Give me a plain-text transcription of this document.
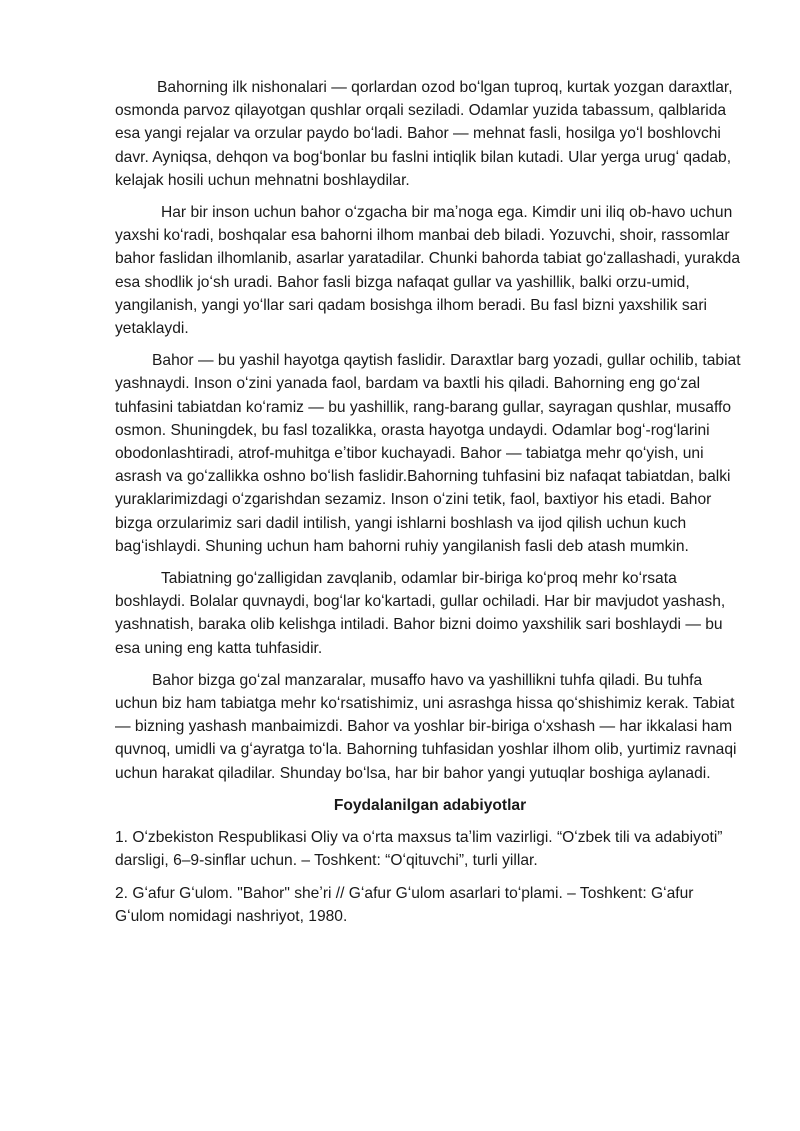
Bahorning ilk nishonalari — qorlardan ozod boʻlgan tuproq, kurtak yozgan daraxtlar, osmonda parvoz qilayotgan qushlar orqali seziladi. Odamlar yuzida tabassum, qalblarida esa yangi rejalar va orzular paydo boʻladi. Bahor — mehnat fasli, hosilga yoʻl boshlovchi davr. Ayniqsa, dehqon va bogʻbonlar bu faslni intiqlik bilan kutadi. Ular yerga urugʻ qadab, kelajak hosili uchun mehnatni boshlaydilar.

Har bir inson uchun bahor oʻzgacha bir maʼnoga ega. Kimdir uni iliq ob-havo uchun yaxshi koʻradi, boshqalar esa bahorni ilhom manbai deb biladi. Yozuvchi, shoir, rassomlar bahor faslidan ilhomlanib, asarlar yaratadilar. Chunki bahorda tabiat goʻzallashadi, yurakda esa shodlik joʻsh uradi. Bahor fasli bizga nafaqat gullar va yashillik, balki orzu-umid, yangilanish, yangi yoʻllar sari qadam bosishga ilhom beradi. Bu fasl bizni yaxshilik sari yetaklaydi.

Bahor — bu yashil hayotga qaytish faslidir. Daraxtlar barg yozadi, gullar ochilib, tabiat yashnaydi. Inson oʻzini yanada faol, bardam va baxtli his qiladi. Bahorning eng goʻzal tuhfasini tabiatdan koʻramiz — bu yashillik, rang-barang gullar, sayragan qushlar, musaffo osmon. Shuningdek, bu fasl tozalikka, orasta hayotga undaydi. Odamlar bogʻ-rogʻlarini obodonlashtiradi, atrof-muhitga eʼtibor kuchayadi. Bahor — tabiatga mehr qoʻyish, uni asrash va goʻzallikka oshno boʻlish faslidir.Bahorning tuhfasini biz nafaqat tabiatdan, balki yuraklarimizdagi oʻzgarishdan sezamiz. Inson oʻzini tetik, faol, baxtiyor his etadi. Bahor bizga orzularimiz sari dadil intilish, yangi ishlarni boshlash va ijod qilish uchun kuch bagʻishlaydi. Shuning uchun ham bahorni ruhiy yangilanish fasli deb atash mumkin.

Tabiatning goʻzalligidan zavqlanib, odamlar bir-biriga koʻproq mehr koʻrsata boshlaydi. Bolalar quvnaydi, bogʻlar koʻkartadi, gullar ochiladi. Har bir mavjudot yashash, yashnatish, baraka olib kelishga intiladi. Bahor bizni doimo yaxshilik sari boshlaydi — bu esa uning eng katta tuhfasidir.

Bahor bizga goʻzal manzaralar, musaffo havo va yashillikni tuhfa qiladi. Bu tuhfa uchun biz ham tabiatga mehr koʻrsatishimiz, uni asrashga hissa qoʻshishimiz kerak. Tabiat — bizning yashash manbaimizdi. Bahor va yoshlar bir-biriga oʻxshash — har ikkalasi ham quvnoq, umidli va gʻayratga toʻla. Bahorning tuhfasidan yoshlar ilhom olib, yurtimiz ravnaqi uchun harakat qiladilar. Shunday boʻlsa, har bir bahor yangi yutuqlar boshiga aylanadi.

Foydalanilgan adabiyotlar

1. Oʻzbekiston Respublikasi Oliy va oʻrta maxsus taʼlim vazirligi. “Oʻzbek tili va adabiyoti” darsligi, 6–9-sinflar uchun. – Toshkent: “Oʻqituvchi”, turli yillar.

2. Gʻafur Gʻulom. "Bahor" sheʼri // Gʻafur Gʻulom asarlari toʻplami. – Toshkent: Gʻafur Gʻulom nomidagi nashriyot, 1980.
